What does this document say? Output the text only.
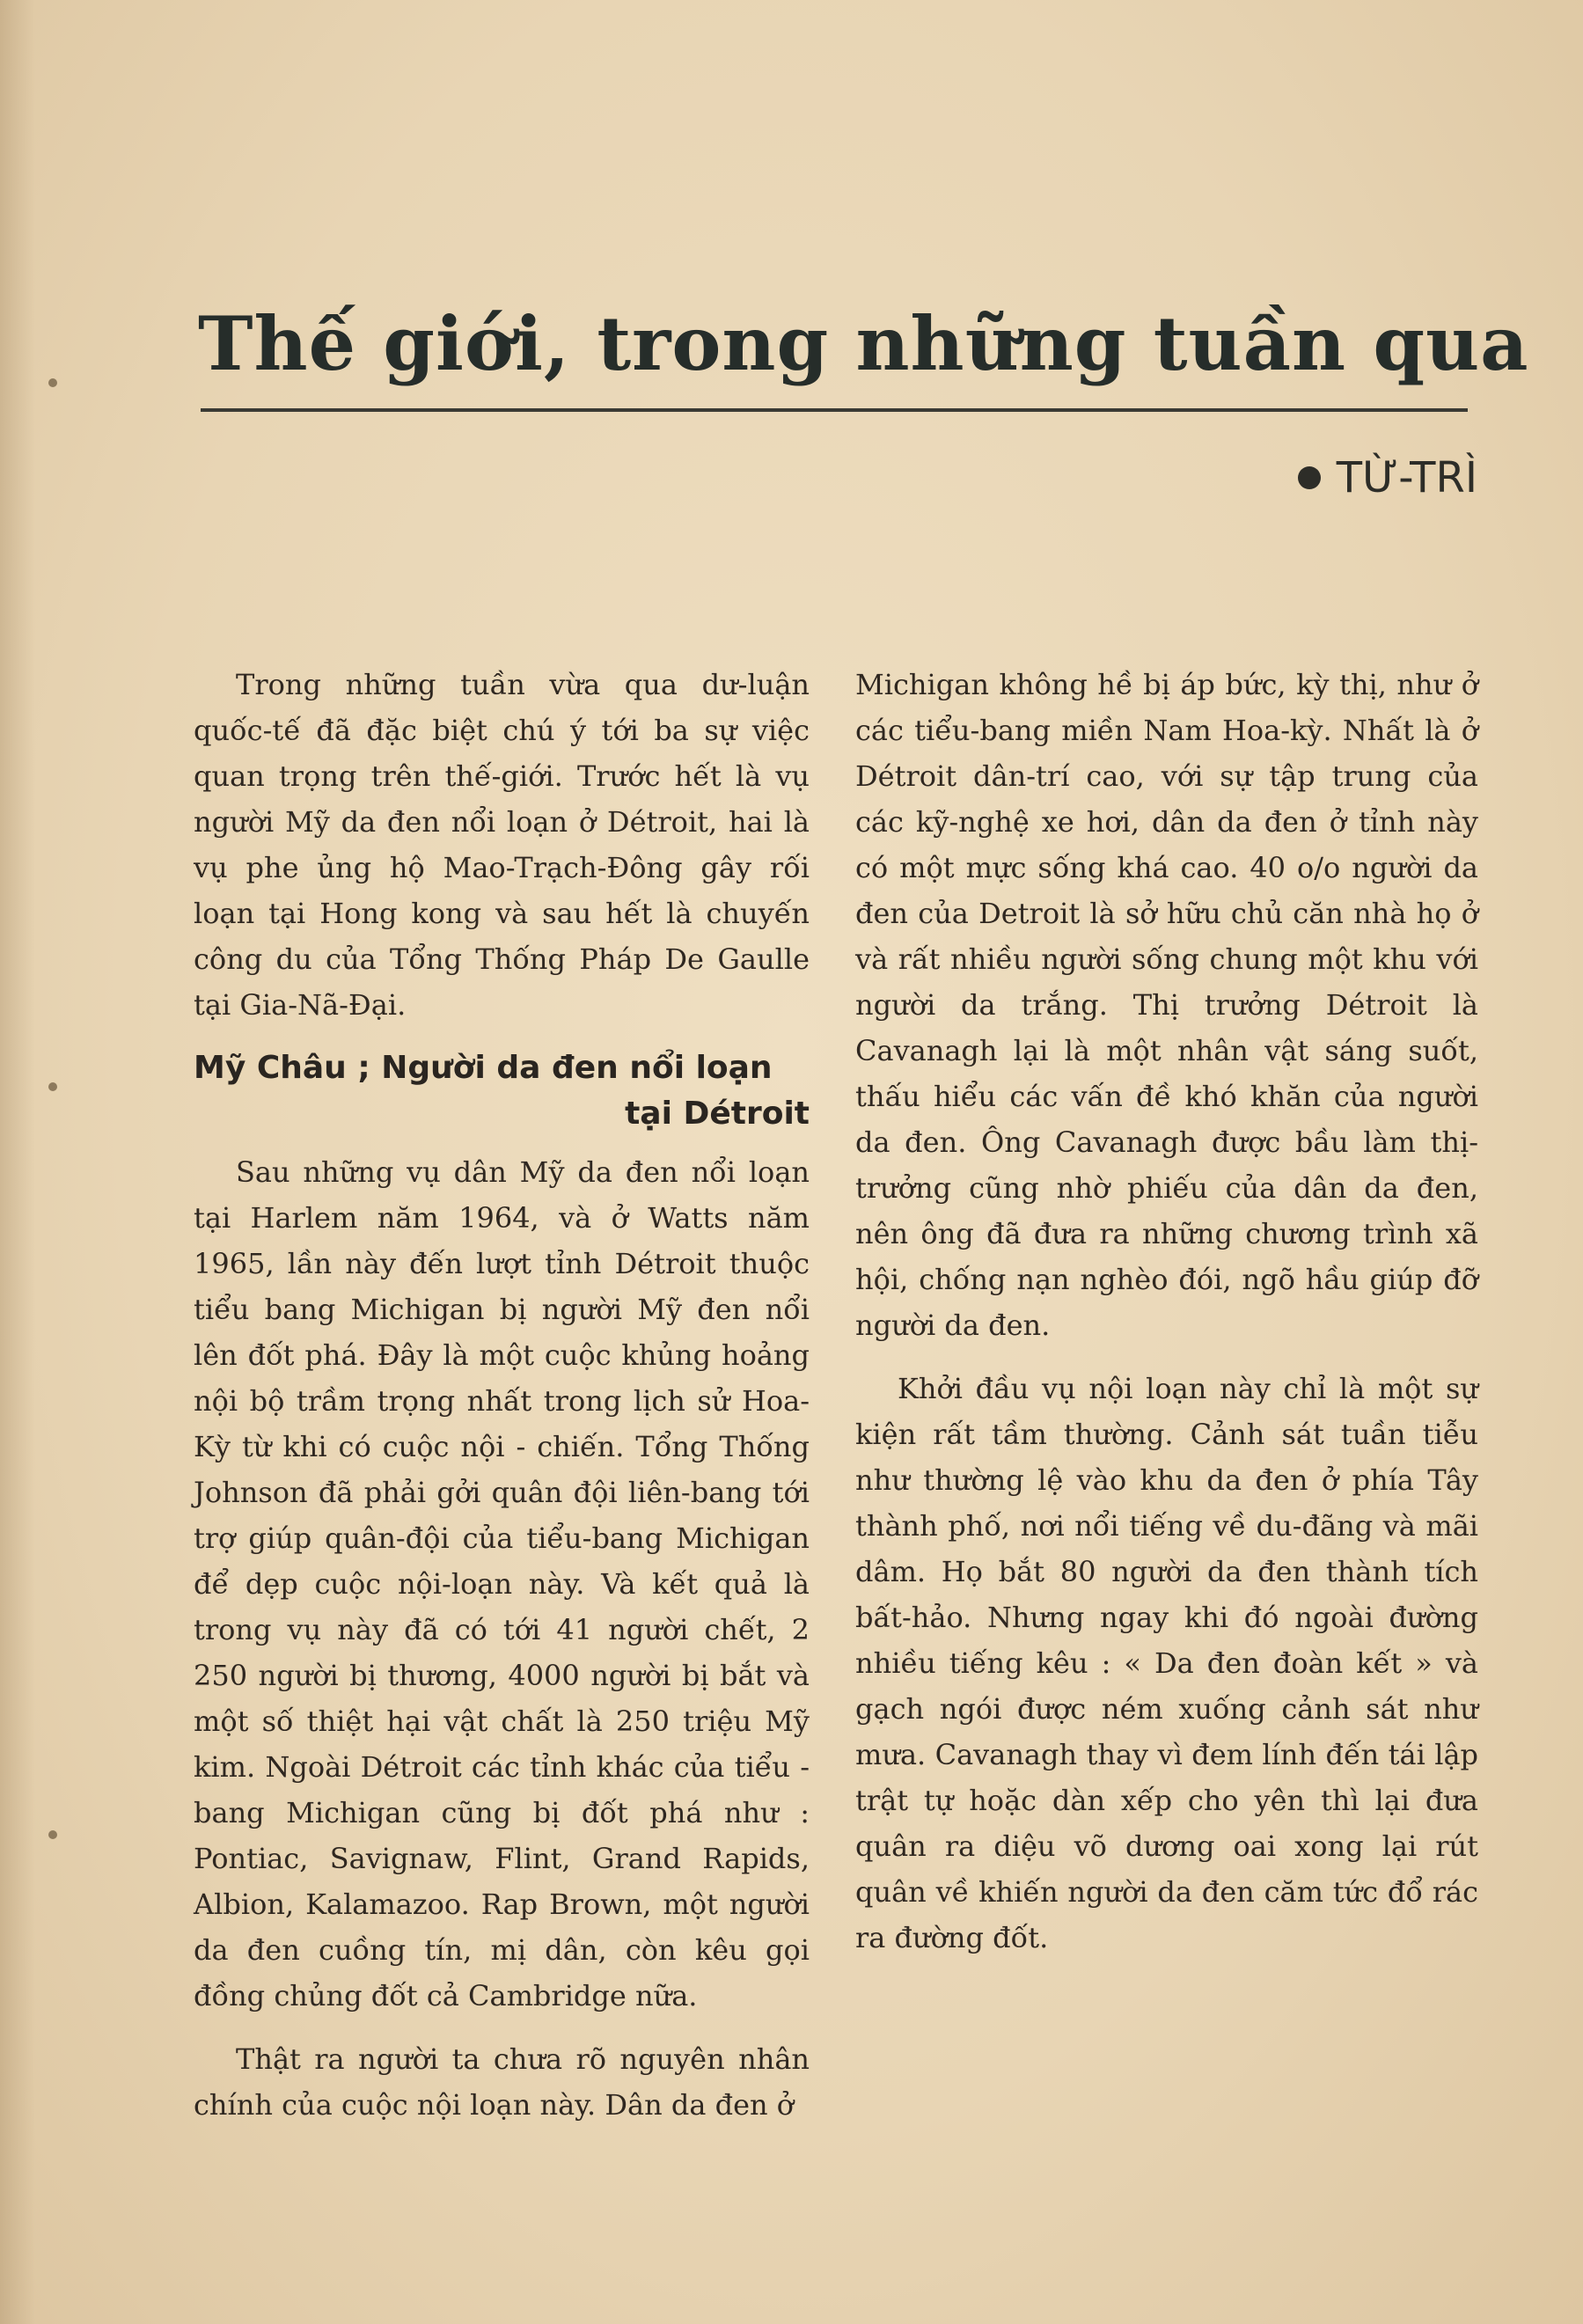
Thế giới, trong những tuần qua
TỪ-TRÌ

Trong những tuần vừa qua dư-luận quốc-tế đã đặc biệt chú ý tới ba sự việc quan trọng trên thế-giới. Trước hết là vụ người Mỹ da đen nổi loạn ở Détroit, hai là vụ phe ủng hộ Mao-Trạch-Đông gây rối loạn tại Hong kong và sau hết là chuyến công du của Tổng Thống Pháp De Gaulle tại Gia-Nã-Đại.

Mỹ Châu ; Người da đen nổi loạn
tại Détroit

Sau những vụ dân Mỹ da đen nổi loạn tại Harlem năm 1964, và ở Watts năm 1965, lần này đến lượt tỉnh Détroit thuộc tiểu bang Michigan bị người Mỹ đen nổi lên đốt phá. Đây là một cuộc khủng hoảng nội bộ trầm trọng nhất trong lịch sử Hoa-Kỳ từ khi có cuộc nội - chiến. Tổng Thống Johnson đã phải gởi quân đội liên-bang tới trợ giúp quân-đội của tiểu-bang Michigan để dẹp cuộc nội-loạn này. Và kết quả là trong vụ này đã có tới 41 người chết, 2 250 người bị thương, 4000 người bị bắt và một số thiệt hại vật chất là 250 triệu Mỹ kim. Ngoài Détroit các tỉnh khác của tiểu - bang Michigan cũng bị đốt phá như : Pontiac, Savignaw, Flint, Grand Rapids, Albion, Kalamazoo. Rap Brown, một người da đen cuồng tín, mị dân, còn kêu gọi đồng chủng đốt cả Cambridge nữa.

Thật ra người ta chưa rõ nguyên nhân chính của cuộc nội loạn này. Dân da đen ở

Michigan không hề bị áp bức, kỳ thị, như ở các tiểu-bang miền Nam Hoa-kỳ. Nhất là ở Détroit dân-trí cao, với sự tập trung của các kỹ-nghệ xe hơi, dân da đen ở tỉnh này có một mực sống khá cao. 40 o/o người da đen của Detroit là sở hữu chủ căn nhà họ ở và rất nhiều người sống chung một khu với người da trắng. Thị trưởng Détroit là Cavanagh lại là một nhân vật sáng suốt, thấu hiểu các vấn đề khó khăn của người da đen. Ông Cavanagh được bầu làm thị-trưởng cũng nhờ phiếu của dân da đen, nên ông đã đưa ra những chương trình xã hội, chống nạn nghèo đói, ngõ hầu giúp đỡ người da đen.

Khởi đầu vụ nội loạn này chỉ là một sự kiện rất tầm thường. Cảnh sát tuần tiễu như thường lệ vào khu da đen ở phía Tây thành phố, nơi nổi tiếng về du-đãng và mãi dâm. Họ bắt 80 người da đen thành tích bất-hảo. Nhưng ngay khi đó ngoài đường nhiều tiếng kêu : « Da đen đoàn kết » và gạch ngói được ném xuống cảnh sát như mưa. Cavanagh thay vì đem lính đến tái lập trật tự hoặc dàn xếp cho yên thì lại đưa quân ra diệu võ dương oai xong lại rút quân về khiến người da đen căm tức đổ rác ra đường đốt.
